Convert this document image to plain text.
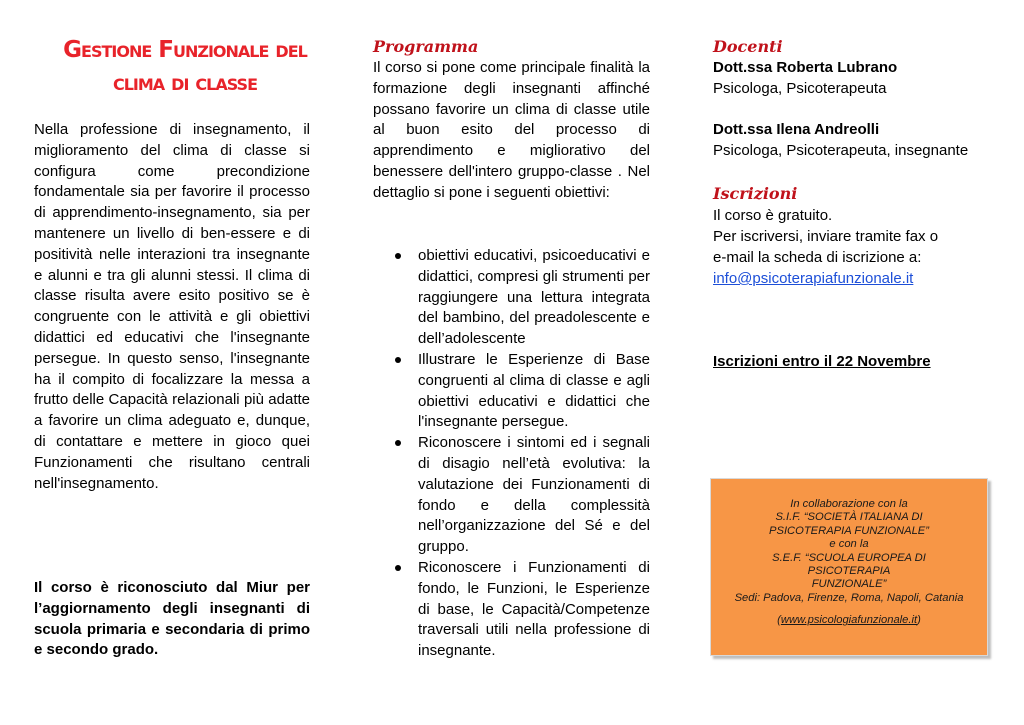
Gestione Funzionale del
clima di classe

Nella professione di insegnamento, il miglioramento del clima di classe si configura come precondizione fondamentale sia per favorire il processo di apprendimento-insegnamento, sia per mantenere un livello di ben-essere e di positività nelle interazioni tra insegnante e alunni e tra gli alunni stessi. Il clima di classe risulta avere esito positivo se è congruente con le attività e gli obiettivi didattici ed educativi che l'insegnante persegue. In questo senso, l'insegnante ha il compito di focalizzare la messa a frutto delle Capacità relazionali più adatte a favorire un clima adeguato e, dunque, di contattare e mettere in gioco quei Funzionamenti che risultano centrali nell'insegnamento.

Il corso è riconosciuto dal Miur per l’aggiornamento degli insegnanti di scuola primaria e secondaria di primo e secondo grado.

Programma

Il corso si pone come principale finalità la formazione degli insegnanti affinché possano favorire un clima di classe utile al buon esito del processo di apprendimento e migliorativo del benessere dell'intero gruppo-classe . Nel dettaglio si pone i seguenti obiettivi:

obiettivi educativi, psicoeducativi e didattici, compresi gli strumenti per raggiungere una lettura integrata del bambino, del preadolescente e dell’adolescente
Illustrare le Esperienze di Base congruenti al clima di classe e agli obiettivi educativi e didattici che l'insegnante persegue.
Riconoscere i sintomi ed i segnali di disagio nell’età evolutiva: la valutazione dei Funzionamenti di fondo e della complessità nell’organizzazione del Sé e del gruppo.
Riconoscere i Funzionamenti di fondo, le Funzioni, le Esperienze di base, le Capacità/Competenze traversali utili nella professione di insegnante.
Docenti

Dott.ssa Roberta Lubrano

Psicologa, Psicoterapeuta

Dott.ssa Ilena Andreolli

Psicologa, Psicoterapeuta, insegnante

Iscrizioni

Il corso è gratuito.

Per iscriversi, inviare tramite fax o

e-mail la scheda di iscrizione a:

info@psicoterapiafunzionale.it

Iscrizioni entro il 22 Novembre

In collaborazione con la
S.I.F. “SOCIETÀ ITALIANA DI
PSICOTERAPIA FUNZIONALE”
e con la
S.E.F. “SCUOLA EUROPEA DI
PSICOTERAPIA
FUNZIONALE”
Sedi: Padova, Firenze, Roma, Napoli, Catania
(www.psicologiafunzionale.it)
